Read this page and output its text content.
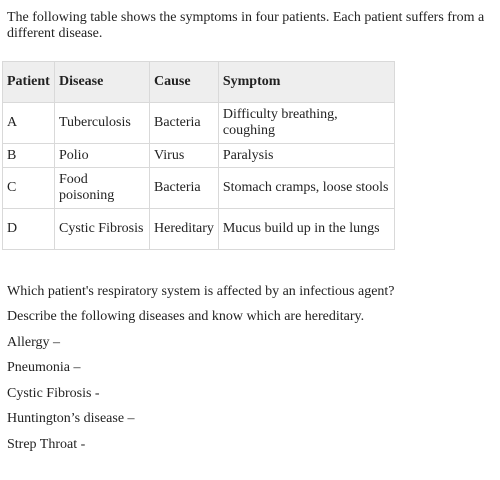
The following table shows the symptoms in four patients. Each patient suffers from a different disease.

Patient	Disease	Cause	Symptom
A	Tuberculosis	Bacteria	Difficulty breathing, coughing
B	Polio	Virus	Paralysis
C	Food poisoning	Bacteria	Stomach cramps, loose stools
D	Cystic Fibrosis	Hereditary	Mucus build up in the lungs

Which patient's respiratory system is affected by an infectious agent?

Describe the following diseases and know which are hereditary.

Allergy –

Pneumonia –

Cystic Fibrosis -

Huntington’s disease –

Strep Throat -
